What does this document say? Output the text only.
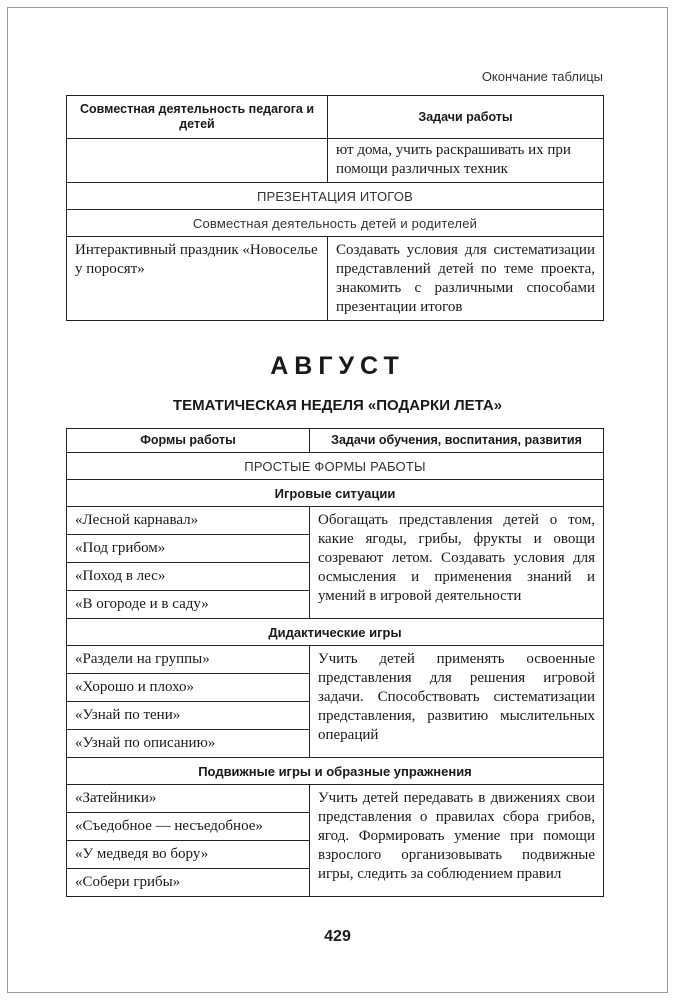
Окончание таблицы
Совместная деятельность педагога и детей	Задачи работы
	ют дома, учить раскрашивать их при помощи различных техник
ПРЕЗЕНТАЦИЯ ИТОГОВ	
Совместная деятельность детей и родителей	
Интерактивный праздник «Новоселье у поросят»	Создавать условия для систематизации представлений детей по теме проекта, знакомить с различными способами презентации итогов
АВГУСТ
ТЕМАТИЧЕСКАЯ НЕДЕЛЯ «ПОДАРКИ ЛЕТА»
Формы работы	Задачи обучения, воспитания, развития
ПРОСТЫЕ ФОРМЫ РАБОТЫ	
Игровые ситуации	
«Лесной карнавал»	Обогащать представления детей о том, какие ягоды, грибы, фрукты и овощи созревают летом. Создавать условия для осмысления и применения знаний и умений в игровой деятельности
«Под грибом»	
«Поход в лес»	
«В огороде и в саду»	
Дидактические игры	
«Раздели на группы»	Учить детей применять освоенные представления для решения игровой задачи. Способствовать систематизации представления, развитию мыслительных операций
«Хорошо и плохо»	
«Узнай по тени»	
«Узнай по описанию»	
Подвижные игры и образные упражнения	
«Затейники»	Учить детей передавать в движениях свои представления о правилах сбора грибов, ягод. Формировать умение при помощи взрослого организовывать подвижные игры, следить за соблюдением правил
«Съедобное — несъедобное»	
«У медведя во бору»	
«Собери грибы»	
429
